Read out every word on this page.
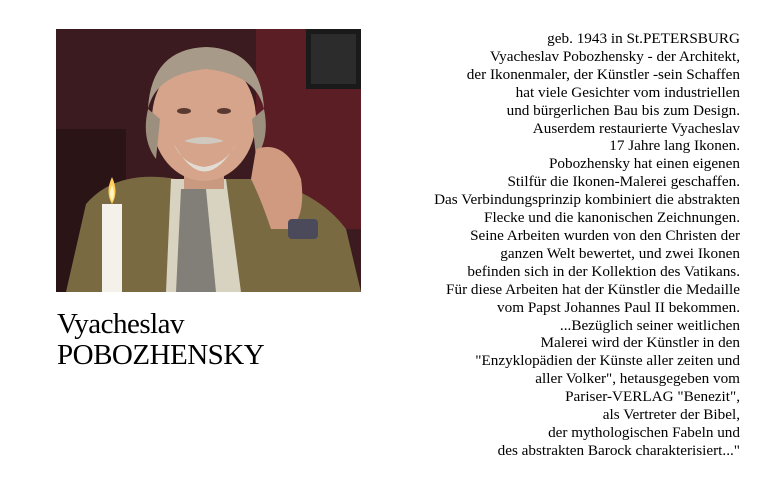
Vyacheslav
POBOZHENSKY
geb. 1943 in St.PETERSBURG
Vyacheslav Pobozhensky - der Architekt,
der Ikonenmaler, der Künstler -sein Schaffen
hat viele Gesichter vom industriellen
und bürgerlichen Bau bis zum Design.
Auserdem restaurierte Vyacheslav
17 Jahre lang Ikonen.
Pobozhensky hat einen eigenen
Stilfür die Ikonen-Malerei geschaffen.
Das Verbindungsprinzip kombiniert die abstrakten
Flecke und die kanonischen Zeichnungen.
Seine Arbeiten wurden von den Christen der
ganzen Welt bewertet, und zwei Ikonen
befinden sich in der Kollektion des Vatikans.
Für diese Arbeiten hat der Künstler die Medaille
vom Papst Johannes Paul II bekommen.
...Bezüglich seiner weitlichen
Malerei wird der Künstler in den
"Enzyklopädien der Künste aller zeiten und
aller Volker", hetausgegeben vom
Pariser-VERLAG "Benezit",
als Vertreter der Bibel,
der mythologischen Fabeln und
des abstrakten Barock charakterisiert..."
